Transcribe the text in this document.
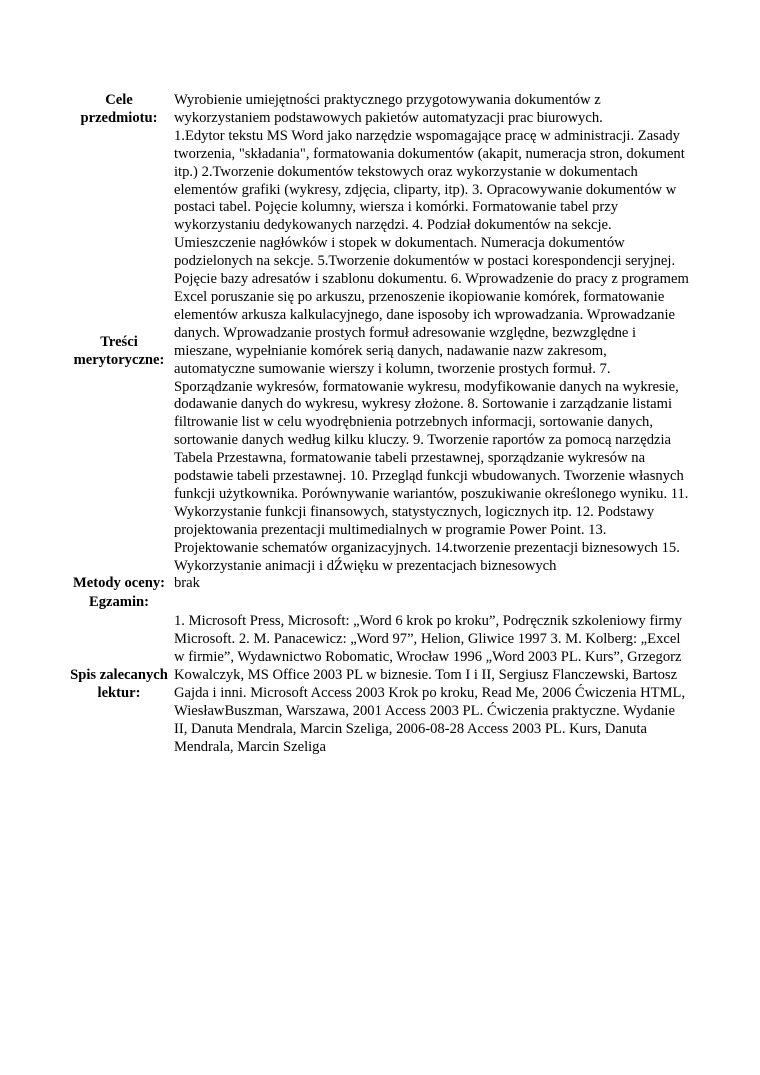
Cele przedmiotu:	Wyrobienie umiejętności praktycznego przygotowywania dokumentów z wykorzystaniem podstawowych pakietów automatyzacji prac biurowych.

Treści merytoryczne:	1.Edytor tekstu MS Word jako narzędzie wspomagające pracę w administracji. Zasady tworzenia, "składania", formatowania dokumentów (akapit, numeracja stron, dokument itp.) 2.Tworzenie dokumentów tekstowych oraz wykorzystanie w dokumentach elementów grafiki (wykresy, zdjęcia, cliparty, itp). 3. Opracowywanie dokumentów w postaci tabel. Pojęcie kolumny, wiersza i komórki. Formatowanie tabel przy wykorzystaniu dedykowanych narzędzi. 4. Podział dokumentów na sekcje. Umieszczenie nagłówków i stopek w dokumentach. Numeracja dokumentów podzielonych na sekcje. 5.Tworzenie dokumentów w postaci korespondencji seryjnej. Pojęcie bazy adresatów i szablonu dokumentu. 6. Wprowadzenie do pracy z programem Excel poruszanie się po arkuszu, przenoszenie ikopiowanie komórek, formatowanie elementów arkusza kalkulacyjnego, dane isposoby ich wprowadzania. Wprowadzanie danych. Wprowadzanie prostych formuł adresowanie względne, bezwzględne i mieszane, wypełnianie komórek serią danych, nadawanie nazw zakresom, automatyczne sumowanie wierszy i kolumn, tworzenie prostych formuł. 7. Sporządzanie wykresów, formatowanie wykresu, modyfikowanie danych na wykresie, dodawanie danych do wykresu, wykresy złożone. 8. Sortowanie i zarządzanie listami filtrowanie list w celu wyodrębnienia potrzebnych informacji, sortowanie danych, sortowanie danych według kilku kluczy. 9. Tworzenie raportów za pomocą narzędzia Tabela Przestawna, formatowanie tabeli przestawnej, sporządzanie wykresów na podstawie tabeli przestawnej. 10. Przegląd funkcji wbudowanych. Tworzenie własnych funkcji użytkownika. Porównywanie wariantów, poszukiwanie określonego wyniku. 11. Wykorzystanie funkcji finansowych, statystycznych, logicznych itp. 12. Podstawy projektowania prezentacji multimedialnych w programie Power Point. 13. Projektowanie schematów organizacyjnych. 14.tworzenie prezentacji biznesowych 15. Wykorzystanie animacji i dŹwięku w prezentacjach biznesowych

Metody oceny:	brak

Egzamin:	

Spis zalecanych lektur:	1. Microsoft Press, Microsoft: „Word 6 krok po kroku”, Podręcznik szkoleniowy firmy Microsoft. 2. M. Panacewicz: „Word 97”, Helion, Gliwice 1997 3. M. Kolberg: „Excel w firmie”, Wydawnictwo Robomatic, Wrocław 1996 „Word 2003 PL. Kurs”, Grzegorz Kowalczyk, MS Office 2003 PL w biznesie. Tom I i II, Sergiusz Flanczewski, Bartosz Gajda i inni. Microsoft Access 2003 Krok po kroku, Read Me, 2006 Ćwiczenia HTML, WiesławBuszman, Warszawa, 2001 Access 2003 PL. Ćwiczenia praktyczne. Wydanie II, Danuta Mendrala, Marcin Szeliga, 2006-08-28 Access 2003 PL. Kurs, Danuta Mendrala, Marcin Szeliga
